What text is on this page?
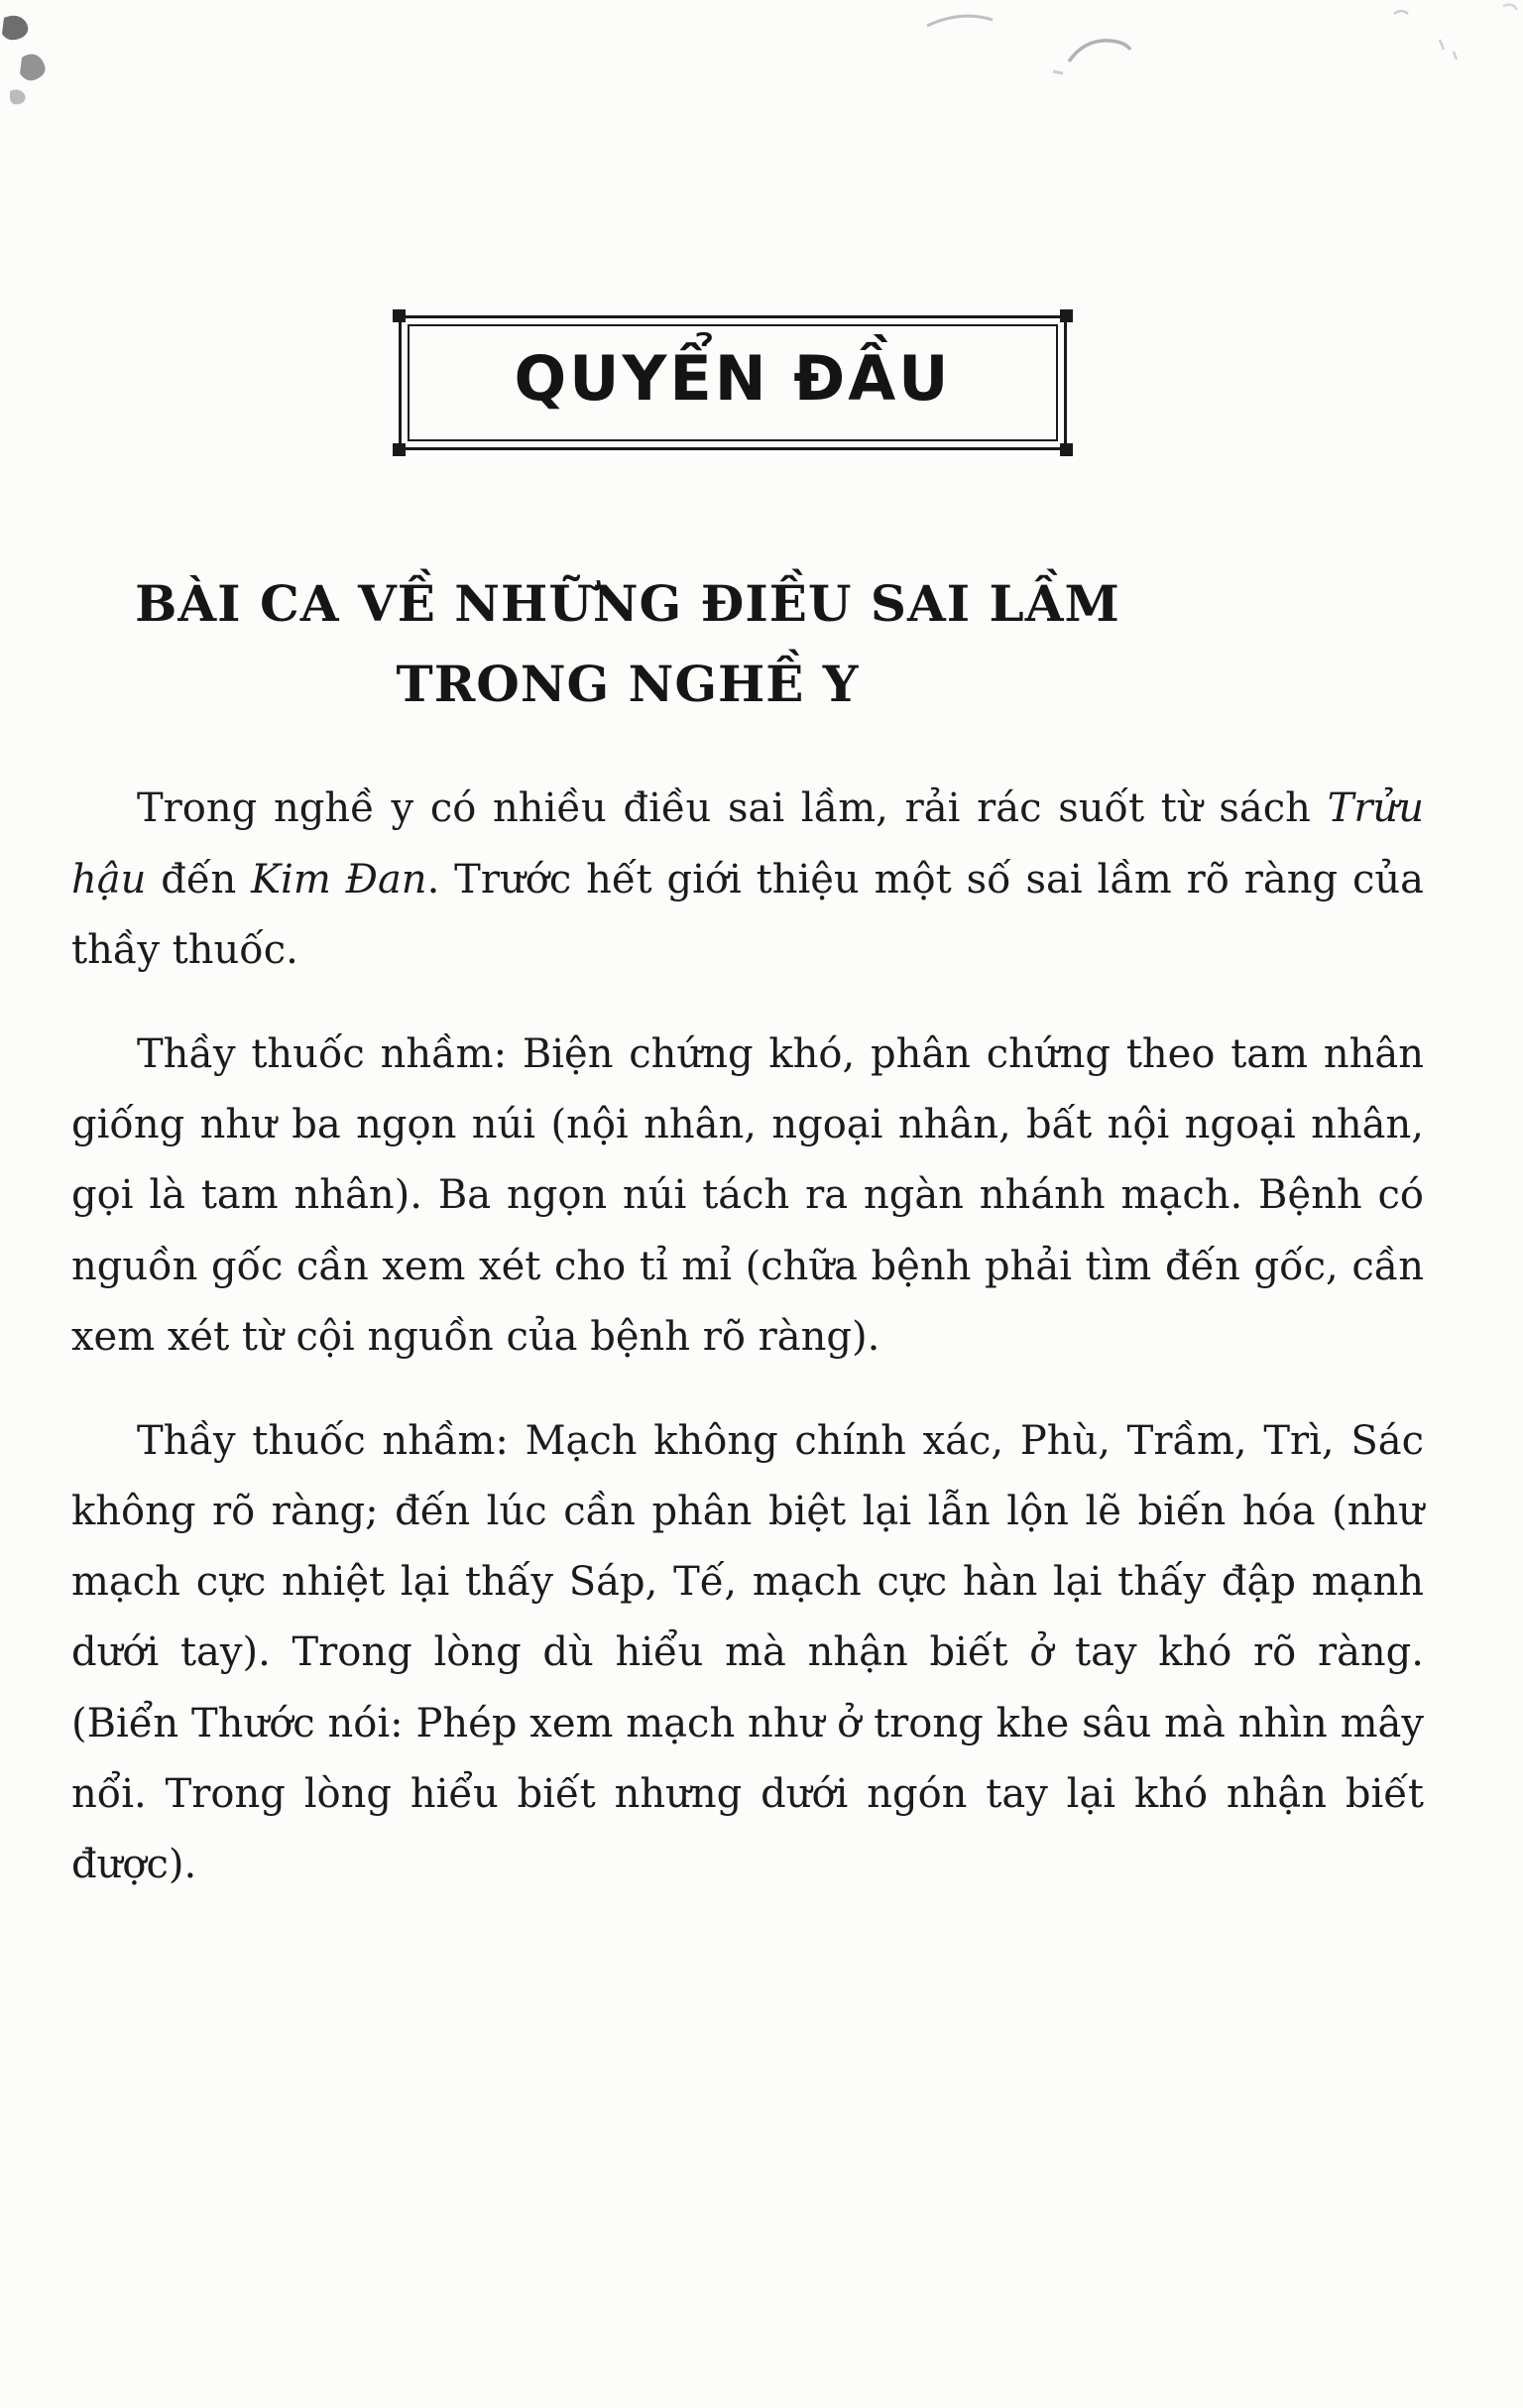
QUYỂN ĐẦU
BÀI CA VỀ NHỮNG ĐIỀU SAI LẦM
TRONG NGHỀ Y

Trong nghề y có nhiều điều sai lầm, rải rác suốt từ sách Trửu hậu đến Kim Đan. Trước hết giới thiệu một số sai lầm rõ ràng của thầy thuốc.

Thầy thuốc nhầm: Biện chứng khó, phân chứng theo tam nhân giống như ba ngọn núi (nội nhân, ngoại nhân, bất nội ngoại nhân, gọi là tam nhân). Ba ngọn núi tách ra ngàn nhánh mạch. Bệnh có nguồn gốc cần xem xét cho tỉ mỉ (chữa bệnh phải tìm đến gốc, cần xem xét từ cội nguồn của bệnh rõ ràng).

Thầy thuốc nhầm: Mạch không chính xác, Phù, Trầm, Trì, Sác không rõ ràng; đến lúc cần phân biệt lại lẫn lộn lẽ biến hóa (như mạch cực nhiệt lại thấy Sáp, Tế, mạch cực hàn lại thấy đập mạnh dưới tay). Trong lòng dù hiểu mà nhận biết ở tay khó rõ ràng. (Biển Thước nói: Phép xem mạch như ở trong khe sâu mà nhìn mây nổi. Trong lòng hiểu biết nhưng dưới ngón tay lại khó nhận biết được).
